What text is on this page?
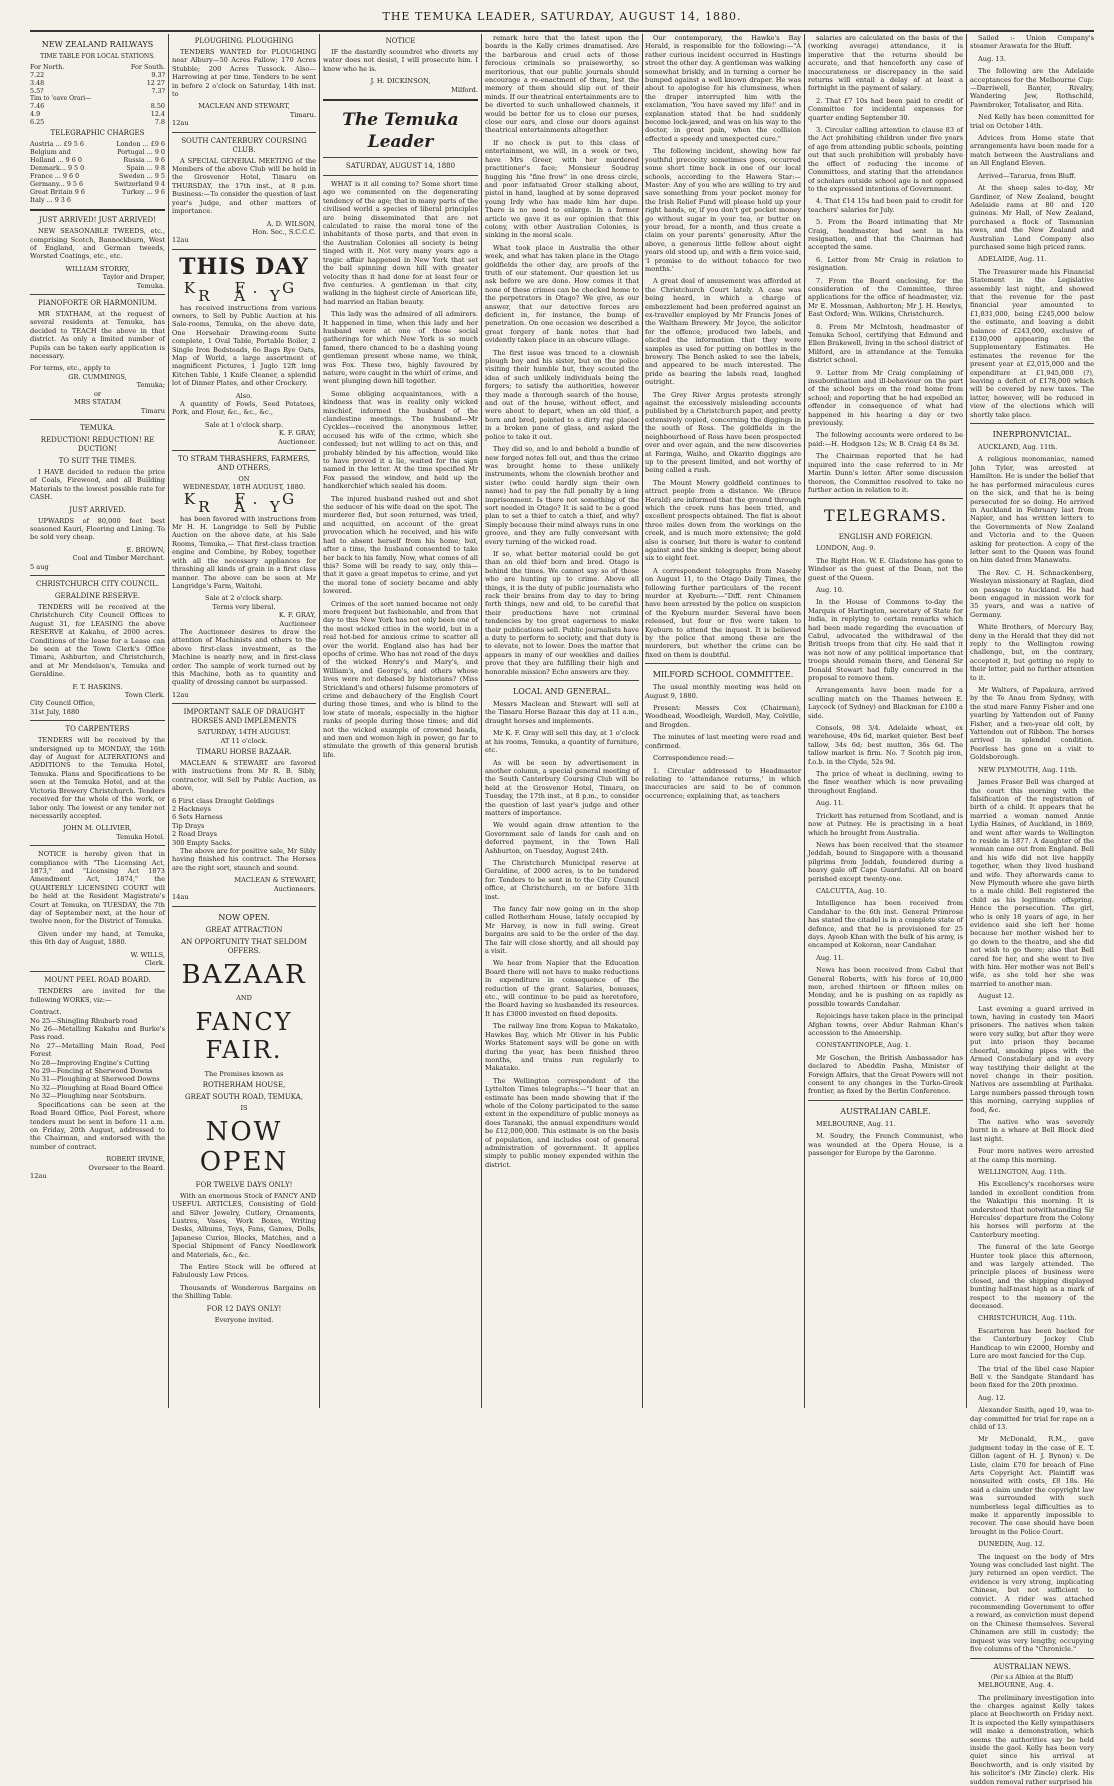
THE TEMUKA LEADER, SATURDAY, AUGUST 14, 1880.
NEW ZEALAND RAILWAYS
TIME TABLE FOR LOCAL STATIONS.
For North.
7.22
3.48
5.5?
For South.
9.3?
12 27
7.3?
Tim to 'eave Orari—
7.46
4.9
6.25
8.50
12.4
7.8
TELEGRAPHIC CHARGES
Austria ... £9 5 6	London ... £9 6
Belgium and	Portugal ... 9 0
Holland ... 9 6 0	Russia ... 9 6
Denmark... 9 5 0	Spain ... 9 8
France ... 9 6 0	Sweden ... 9 5
Germany... 9 5 6	Switzerland 9 4
Great Britain 9 6	Turkey ... 9 6
Italy ... 9 3 6
JUST ARRIVED! JUST ARRIVED!

NEW SEASONABLE TWEEDS, etc., comprising Scotch, Bannockburn, West of England, and German tweeds, Worsted Coatings, etc., etc.

WILLIAM STORRY,
Taylor and Draper,
Temuka.
PIANOFORTE OR HARMONIUM.

MR STATHAM, at the request of several residents at Temuka, has decided to TEACH the above in that district. As only a limited number of Pupils can be taken early application is necessary.

For terms, etc., apply to
GR. CUMMINGS,
Temuka;
or
MRS STATAM
Timaru
TEMUKA.
REDUCTION! REDUCTION! RE DUCTION!
TO SUIT THE TIMES.

I HAVE decided to reduce the price of Coals, Firewood, and all Building Materials to the lowest possible rate for CASH.

JUST ARRIVED.

UPWARDS of 80,000 feet best seasoned Kauri, Flooring and Lining. To be sold very cheap.

E. BROWN,
Coal and Timber Merchant.
5 aug
CHRISTCHURCH CITY COUNCIL.
GERALDINE RESERVE.

TENDERS will be received at the Christchurch City Council Offices to August 31, for LEASING the above RESERVE at Kakahu, of 2000 acres. Conditions of the lease for a Lease can be seen at the Town Clerk's Office Timaru, Ashburton, and Christchurch, and at Mr Mendelson's, Temuka and Geraldine.

F. T. HASKINS.
Town Clerk.
City Council Office,
31st July, 1880
TO CARPENTERS

TENDERS will be received by the undersigned up to MONDAY, the 16th day of August for ALTERATIONS and ADDITIONS to the Temuka Hotel, Temuka. Plans and Specifications to be seen at the Temuka Hotel, and at the Victoria Brewery Christchurch. Tenders received for the whole of the work, or labor only. The lowest or any tender not necessarily accepted.

JOHN M. OLLIVIER,
Temuka Hotel.

NOTICE is hereby given that in compliance with "The Licensing Act, 1873," and "Licensing Act 1873 Amendment Act, 1874," the QUARTERLY LICENSING COURT will be held at the Resident Magistrate's Court at Temuka, on TUESDAY, the 7th day of September next, at the hour of twelve noon, for the District of Temuka.

Given under my hand, at Temuka, this 6th day of August, 1880.

W. WILLS,
Clerk.
MOUNT PEEL ROAD BOARD.

TENDERS are invited for the following WORKS, viz:—

Contract.
No 25—Shingling Rhubarb road
No 26—Metalling Kakahu and Burke's Pass road.
No 27—Metalling Main Road, Peel Forest
No 28—Improving Engine's Cutting
No 29—Fencing at Sherwood Downs
No 31—Ploughing at Sherwood Downs
No 32—Ploughing at Road Board Office
No 32—Ploughing near Scotsburn.

Specifications can be seen at the Road Board Office, Peel Forest, where tenders must be sent in before 11 a.m. on Friday, 20th August, addressed to the Chairman, and endorsed with the number of contract.

ROBERT IRVINE,
Overseer to the Board.
12au
PLOUGHING. PLOUGHING

TENDERS WANTED for PLOUGHING near Albury—50 Acres Fallow; 170 Acres Stubble; 200 Acres Tussock. Also— Harrowing at per time. Tenders to be sent in before 2 o'clock on Saturday, 14th inst. to

MACLEAN AND STEWART,
Timaru.
12au
SOUTH CANTERBURY COURSING CLUB.

A SPECIAL GENERAL MEETING of the Members of the above Club will be held in the Grosvenor Hotel, Timaru on THURSDAY, the 17th inst., at 8 p.m. Business:—To consider the question of last year's Judge, and other matters of importance.

A. D. WILSON,
Hon. Sec., S.C.C.C.
12au
THIS DAY
K. F. G R A Y

has received instructions from various owners, to Sell by Public Auction at his Sale-rooms, Temuka, on the above date, One Horsehair Drawing-room Suite complete, 1 Oval Table, Portable Boiler, 2 Single Iron Bedsteads, 6o Bags Rye Oats, Map of World, a large assortment of magnificent Pictures, 1 Juglo 12ft long Kitchen Table, 1 Knife Cleaner, a splendid lot of Dinner Plates, and other Crockery.

Also.

A quantity of Fowls, Seed Potatoes, Pork, and Flour, &c., &c., &c.,

Sale at 1 o'clock sharp.
K. F. GRAY,
Auctioneer.
TO STRAM THRASHERS, FARMERS, AND OTHERS,
ON
WEDNESDAY, 18TH AUGUST, 1880.
K. F. G R A Y

has been favored with instructions from Mr H. H. Langridge to Sell by Public Auction on the above date, at his Sale Rooms, Temuka,— That first-class traction engine and Combine, by Robey, together with all the necessary appliances for thrashing all kinds of grain in a first class manner. The above can be seen at Mr Langridge's Farm, Waitohi.

Sale at 2 o'clock sharp.
Terms very liberal.
K. F. GRAY,
Auctioneer

The Auctioneer desires to draw the attention of Machinists and others to the above first-class investment, as the Machine is nearly new, and in first-class order. The sample of work turned out by this Machine, both as to quantity and quality of dressing cannot be surpassed.

12au
IMPORTANT SALE OF DRAUGHT HORSES AND IMPLEMENTS
SATURDAY, 14TH AUGUST.
AT 11 o'clock.
TIMARU HORSE BAZAAR.

MACLEAN & STEWART are favored with instructions from Mr R. B. Sibly, contractor, will Sell by Public Auction, as above,

6 First class Draught Geldings
2 Hackneys
6 Sets Harness
Tip Drays
2 Road Drays
300 Empty Sacks.

The above are for positive sale, Mr Sibly having finished his contract. The Horses are the right sort, staunch and sound.

MACLEAN & STEWART,
Auctioneers.
14au
NOW OPEN.
GREAT ATTRACTION
AN OPPORTUNITY THAT SELDOM OFFERS.
BAZAAR
AND
FANCY FAIR.
The Premises known as
ROTHERHAM HOUSE,
GREAT SOUTH ROAD, TEMUKA,
IS
NOW OPEN
FOR TWELVE DAYS ONLY!

With an enormous Stock of FANCY AND USEFUL ARTICLES, Consisting of Gold and Silver Jewelry, Cutlery, Ornaments, Lustres, Vases, Work Boxes, Writing Desks, Albums, Toys, Fans, Games, Dolls, Japanese Curios, Blocks, Matches, and a Special Shipment of Fancy Needlework and Materials, &c., &c.

The Entire Stock will be offered at Fabulously Low Prices.

Thousands of Wonderous Bargains on the Shilling Table.

FOR 12 DAYS ONLY!
Everyone invited.
NOTICE

IF the dastardly scoundrel who diverts my water does not desist, I will prosecute him. I know who he is.

J. H. DICKINSON,
Milford.
The Temuka Leader
SATURDAY, AUGUST 14, 1880

WHAT is it all coming to? Some short time ago we commented on the degenerating tendency of the age; that in many parts of the civilised world a species of liberal principles are being disseminated that are not calculated to raise the moral tone of the inhabitants of those parts, and that even in the Australian Colonies all society is being tinged with it. Not very many years ago a tragic affair happened in New York that set the ball spinning down hill with greater velocity than it had done for at least four or five centuries. A gentleman in that city, walking in the highest circle of American life, had married an Italian beauty.

This lady was the admired of all admirers. It happened in time, when this lady and her husband were at one of those social gatherings for which New York is so much famed, there chanced to be a dashing young gentleman present whose name, we think, was Fox. These two, highly favoured by nature, were caught in the whirl of crime, and went plunging down hill together.

Some obliging acquaintances, with a kindness that was in reality only wicked mischief, informed the husband of the clandestine meetings. The husband—Mr Cyckles—received the anonymous letter, accused his wife of the crime, which she confessed; but not willing to act on this, and probably blinded by his affection, would like to have proved it a lie, waited for the sign named in the letter. At the time specified Mr Fox passed the window, and held up the handkerchief which sealed his doom.

The injured husband rushed out and shot the seducer of his wife dead on the spot. The murderer fled, but soon returned, was tried, and acquitted, on account of the great provocation which he received, and his wife had to absent herself from his home; but, after a time, the husband consented to take her back to his family. Now, what comes of all this? Some will be ready to say, only this—that it gave a great impetus to crime, and yet the moral tone of society became and ably lowered.

Crimes of the sort named became not only more frequent but fashionable, and from that day to this New York has not only been one of the most wicked cities in the world, but in a real hot-bed for anxious crime to scatter all over the world. England also has had her epochs of crime. Who has not read of the days of the wicked Henry's and Mary's, and William's, and George's, and others whose lives were not debased by historians? (Miss Strickland's and others) fulsome promoters of crime and debauchery of the English Court during those times, and who is blind to the low state of morals, especially in the higher ranks of people during those times; and did not the wicked example of crowned heads, and men and women high in power, go far to stimulate the growth of this general brutish life.

remark here that the latest upon the boards is the Kelly crimes dramatised. Are the barbarous and cruel acts of those ferocious criminals so praiseworthy, so meritorious, that our public journals should encourage a re-enactment of them, lest the memory of them should slip out of their minds. If our theatrical entertainments are to be diverted to such unhallowed channels, it would be better for us to close our purses, close our ears, and close our doors against theatrical entertainments altogether.

If no check is put to this class of entertainment, we will, in a week or two, have Mrs Greer, with her murdered practitioner's face; Monsieur Soudray hugging his "fine frow" in one dress circle, and poor infatuated Greer stalking about, pistol in hand, laughed at by some depraved young Irdy who has made him her dupe. There is no need to enlarge. In a former article we gave it as our opinion that this colony, with other Australian Colonies, is sinking in the moral scale.

What took place in Australia the other week, and what has taken place in the Otago goldfields the other day, are proofs of the truth of our statement. Our question let us ask before we are done. How comes it that none of these crimes can be checked home to the perpetrators in Otago? We give, as our answer, that our detective forces are deficient in, for instance, the bump of penetration. On one occasion we described a great forgery of bank notes that had evidently taken place in an obscure village.

The first issue was traced to a clownish plough boy and his sister, but on the police visiting their humble hut, they scouted the idea of such unlikely individuals being the forgers; to satisfy the authorities, however they made a thorough search of the house, and out of the house, without effect, and were about to depart, when an old thief, a born and bred, pointed to a dirty rag placed in a broken pane of glass, and asked the police to take it out.

They did so, and lo and behold a bundle of new forged notes fell out, and thus the crime was brought home to these unlikely instruments, whom the clownish brother and sister (who could hardly sign their own name) had to pay the full penalty by a long imprisonment. Is there not something of the sort needed in Otago? It is said to be a good plan to set a thief to catch a thief, and why? Simply because their mind always runs in one groove, and they are fully conversant with every turning of the wicked road.

If so, what better material could be got than an old thief born and bred. Otago is behind the times. We cannot say so of those who are hunting up to crime. Above all things, it is the duty of public journalists who rack their brains from day to day to bring forth things, new and old, to be careful that their productions have not criminal tendencies by too great eagerness to make their publications sell. Public journalists have a duty to perform to society, and that duty is to elevate, not to lower. Does the matter that appears in many of our weeklies and dailies prove that they are fulfilling their high and honorable mission? Echo answers are they.

LOCAL AND GENERAL.

Messrs Maclean and Stewart will sell at the Timaru Horse Bazaar this day at 11 a.m., draught horses and implements.

Mr K. F. Gray will sell this day, at 1 o'clock at his rooms, Temuka, a quantity of furniture, etc.

As will be seen by advertisement in another column, a special general meeting of the South Canterbury Coursing Club will be held at the Grosvenor Hotel, Timaru, on Tuesday, the 17th inst., at 8 p.m., to consider the question of last year's judge and other matters of importance.

We would again draw attention to the Government sale of lands for cash and on deferred payment, in the Town Hall Ashburton, on Tuesday, August 24th.

The Christchurch Municipal reserve at Geraldine, of 2000 acres, is to be tendered for. Tenders to be sent in to the City Council office, at Christchurch, on or before 31th inst.

The fancy fair now going on in the shop called Rotherham House, lately occupied by Mr Harvey, is now in full swing. Great bargains are said to be the order of the day. The fair will close shortly, and all should pay a visit.

We hear from Napier that the Education Board there will not have to make reductions in expenditure in consequence of the reduction of the grant. Salaries, bonuses, etc., will continue to be paid as heretofore, the Board having so husbanded its resources. It has £3000 invested on fixed deposits.

The railway line from Kopua to Makatako, Hawkes Bay, which Mr Oliver in his Public Works Statement says will be gone on with during the year, has been finished three months, and trains run regularly to Makatako.

The Wellington correspondent of the Lyttelton Times telegraphs:—"I hear that an estimate has been made showing that if the whole of the Colony participated to the same extent in the expenditure of public moneys as does Taranaki, the annual expenditure would be £12,000,000. This estimate is on the basis of population, and includes cost of general administration of government. It applies simply to public money expended within the district.

Our contemporary, the Hawke's Bay Herald, is responsible for the following:—"A rather curious incident occurred in Hastings street the other day. A gentleman was walking somewhat briskly, and in turning a corner he bumped against a well known draper. He was about to apologise for his clumsiness, when the draper interrupted him with the exclamation, 'You have saved my life!' and in explanation stated that he had suddenly become lock-jawed, and was on his way to the doctor, in great pain, when the collision effected a speedy and unexpected cure."

The following incident, showing how far youthful precocity sometimes goes, occurred some short time back in one of our local schools, according to the Hawera Star:—Master: Any of you who are willing to try and save something from your pocket money for the Irish Relief Fund will please hold up your right hands, or, if you don't get pocket money go without sugar in your tea, or butter on your bread, for a month, and thus create a claim on your parents' generosity. After the above, a generous little fellow about eight years old stood up, and with a firm voice said, 'I promise to do without tobacco for two months.'

A great deal of amusement was afforded at the Christchurch Court lately. A case was being heard, in which a charge of embezzlement had been preferred against an ex-traveller employed by Mr Francis Jones of the Waltham Brewery. Mr Joyce, the solicitor for the offence, produced two labels, and elicited the information that they were samples as used for putting on bottles in the brewery. The Bench asked to see the labels, and appeared to be much interested. The pride as bearing the labels read, laughed outright.

The Grey River Argus protests strongly against the excessively misleading accounts published by a Christchurch paper, and pretty extensively copied, concerning the diggings in the south of Ross. The goldfields in the neighbourhood of Ross have been prospected over and over again, and the new discoveries at Faringa, Waiho, and Okarito diggings are up to the present limited, and not worthy of being called a rush.

The Mount Mowry goldfield continues to attract people from a distance. We (Bruce Herald) are informed that the ground through which the creek runs has been tried, and excellent prospects obtained. The flat is about three miles down from the workings on the creek, and is much more extensive; the gold also is coarser, but there is water to contend against and the sinking is deeper, being about six to eight feet.

A correspondent telegraphs from Naseby on August 11, to the Otago Daily Times, the following further particulars of the recent murder at Kyeburn:—"Diff. rent Chinamen have been arrested by the police on suspicion of the Kyeburn murder. Several have been released, but four or five were taken to Kyeburn to attend the inquest. It is believed by the police that among these are the murderers, but whether the crime can be fixed on them is doubtful.

MILFORD SCHOOL COMMITTEE.

The usual monthly meeting was held on August 9, 1880.

Present: Messrs Cox (Chairman), Woodhead, Woodleigh, Wardell, May, Colville, and Brogden.

The minutes of last meeting were read and confirmed.

Correspondence read:—

1. Circular addressed to Headmaster relating to 'attendance returns,' in which inaccuracies are said to be of common occurrence; explaining that, as teachers

salaries are calculated on the basis of the (working average) attendance, it is imperative that the returns should be accurate, and that henceforth any case of inaccurateness or discrepancy in the said returns will entail a delay of at least a fortnight in the payment of salary.

2. That £7 10s had been paid to credit of Committee for incidental expenses for quarter ending September 30.

3. Circular calling attention to clause 83 of the Act prohibiting children under five years of age from attending public schools, pointing out that such prohibition will probably have the effect of reducing the income of Committees, and stating that the attendance of scholars outside school age is not opposed to the expressed intentions of Government.

4. That £14 15s had been paid to credit for teachers' salaries for July.

5. From the Board intimating that Mr Craig, headmaster, had sent in his resignation, and that the Chairman had accepted the same.

6. Letter from Mr Craig in relation to resignation.

7. From the Board enclosing, for the consideration of the Committee, three applications for the office of headmaster, viz. Mr E. Mossman, Ashburton; Mr J. H. Hewlys, East Oxford; Wm. Wilkins, Christchurch.

8. From Mr McIntosh, headmaster of Temuka School, certifying that Edmund and Ellen Brakewell, living in the school district of Milford, are in attendance at the Temuka district school.

9. Letter from Mr Craig complaining of insubordination and ill-behaviour on the part of the school boys on the road home from school; and reporting that he had expelled an offender in consequence of what had happened in his hearing a day or two previously.

The following accounts were ordered to be paid:—H. Hodgson 12s; W. B. Craig £4 8s 3d.

The Chairman reported that he had inquired into the case referred to in Mr Martin Dunn's letter. After some discussion thereon, the Committee resolved to take no further action in relation to it.

TELEGRAMS.
ENGLISH AND FOREIGN.

LONDON, Aug. 9.

The Right Hon. W. E. Gladstone has gone to Windsor as the guest of the Dean, not the guest of the Queen.

Aug. 10.

In the House of Commons to-day the Marquis of Hartington, secretary of State for India, in replying to certain remarks which had been made regarding the evacuation of Cabul, advocated the withdrawal of the British troops from that city. He said that it was not now of any political importance that troops should remain there, and General Sir Donald Stewart had fully concurred in the proposal to remove them.

Arrangements have been made for a sculling match on the Thames between E. Laycock (of Sydney) and Blackman for £100 a side.

Consols, 98 3/4. Adelaide wheat, ex warehouse, 49s 6d, market quieter. Best beef tallow, 34s 6d; best mutton, 36s 6d. The tallow market is firm. No. 7 Scotch pig iron, f.o.b. in the Clyde, 52s 9d.

The price of wheat is declining, owing to the finer weather which is now prevailing throughout England.

Aug. 11.

Trickett has returned from Scotland, and is now at Putney. He is practising in a boat which he brought from Australia.

News has been received that the steamer Jeddah, bound to Singapore with a thousand pilgrims from Jeddah, foundered during a heavy gale off Cape Guardafui. All on board perished except twenty-one.

CALCUTTA, Aug. 10.

Intelligence has been received from Candahar to the 6th inst. General Primrose has stated the citadel is in a complete state of defence, and that he is provisioned for 25 days. Ayoob Khan with the bulk of his army, is encamped at Kokoran, near Candahar.

Aug. 11.

News has been received from Cabul that General Roberts, with his force of 10,000 men, arched thirteen or fifteen miles on Monday, and he is pushing on as rapidly as possible towards Candahar.

Rejoicings have taken place in the principal Afghan towns, over Abdur Rahman Khan's accession to the Ameership.

CONSTANTINOPLE, Aug. 1.

Mr Goschen, the British Ambassador has declared to Abeddin Pasha, Minister of Foreign Affairs, that the Great Powers will not consent to any changes in the Turko-Greek frontier, as fixed by the Berlin Conference.

AUSTRALIAN CABLE.

MELBOURNE, Aug. 11.

M. Soudry, the French Communist, who was wounded at the Opera House, is a passenger for Europe by the Garonne.

Sailed :- Union Company's steamer Arawata for the Bluff.

Aug. 13.

The following are the Adelaide acceptances for the Melbourne Cup:—Darriwell, Banter, Rivalry, Wandering Jew, Rothschild, Pawnbroker, Totalisator, and Rita.

Ned Kelly has been committed for trial on October 14th.

Advices from Home state that arrangements have been made for a match between the Australians and an All England Eleven.

Arrived—Tararua, from Bluff.

At the sheep sales to-day, Mr Gardiner, of New Zealand, bought Adelaide rams at 80 and 120 guineas. Mr Hall, of New Zealand, purchased a flock of Tasmanian ewes, and the New Zealand and Australian Land Company also purchased some high priced rams.

ADELAIDE, Aug. 11.

The Treasurer made his Financial Statement in the Legislative assembly last night, and showed that the revenue for the past financial year amounted to £1,831,000, being £245,000 below the estimate, and leaving a debit balance of £243,000, exclusive of £130,000 appearing on the Supplementary Estimates. He estimates the revenue for the present year at £2,015,000 and the expenditure at £1,945,000 (?), leaving a deficit of £178,000 which will be covered by new taxes. The latter, however, will be reduced in view of the elections which will shortly take place.

INERPRONVICIAL.

AUCKLAND, Aug. 11th.

A religious monomaniac, named John Tyler, was arrested at Hamilton. He is under the belief that he has performed miraculous cures on the sick, and that he is being persecuted for so doing. He arrived in Auckland in February last from Napier, and has written letters to the Governments of New Zealand and Victoria and to the Queen asking for protection. A copy of the letter sent to the Queen was found on him dated from Manawatu.

The Rev. C. H. Schnackenberg, Wesleyan missionary at Raglan, died on passage to Auckland. He had been engaged in mission work for 35 years, and was a native of Germany.

White Brothers, of Mercury Bay, deny in the Herald that they did not reply to the Wellington rowing challenge, but, on the contrary, accepted it, but getting no reply to their letter, paid no further attention to it.

Mr Walters, of Papakura, arrived by the Te Anau from Sydney, with the stud mare Fanny Fisher and one yearling by Yattendon out of Fanny Fisher, and a two-year old colt, by Yattendon out of Ribbon. The horses arrived in splendid condition. Peerless has gone on a visit to Goldsborough.

NEW PLYMOUTH, Aug. 11th.

James Fraser Bell was charged at the court this morning with the falsification of the registration of birth of a child. It appears that he married a woman named Annie Lydia Haines, of Auckland, in 1869, and went after wards to Wellington to reside in 1877. A daughter of the woman came out from England. Bell and his wife did not live happily together, when they lived husband and wife. They afterwards came to New Plymouth where she gave birth to a male child. Bell registered the child as his legitimate offspring. Hence the persecution. The girl, who is only 18 years of age, in her evidence said she left her home because her mother wished her to go down to the theatre, and she did not wish to go there; also that Bell cared for her, and she went to live with him. Her mother was not Bell's wife, as she told her she was married to another man.

August 12.

Last evening a guard arrived in town, having in custody ten Maori prisoners. The natives when taken were very sulky, but after they were put into prison they became cheerful, smoking pipes with the Armed Constabulary and in every way testifying their delight at the novel change in their position. Natives are assembling at Parihaka. Large numbers passed through town this morning, carrying supplies of food, &c.

The native who was severely burnt in a whare at Bell Block died last night.

Four more natives were arrested at the camp this morning.

WELLINGTON, Aug. 11th.

His Excellency's racehorses were landed in excellent condition from the Wakatipu this morning. It is understood that notwithstanding Sir Hercules' departure from the Colony his horses will perform at the Canterbury meeting.

The funeral of the late George Hunter took place this afternoon, and was largely attended. The principle places of business were closed, and the shipping displayed bunting half-mast high as a mark of respect to the memory of the deceased.

CHRISTCHURCH, Aug. 11th.

Escarteron has been backed for the Canterbury Jockey Club Handicap to win £2000, Hornby and Lure are most fancied for the Cup.

The trial of the libel case Napier Bell v. the Sandgate Standard has been fixed for the 20th proximo.

Aug. 12.

Alexander Smith, aged 19, was to-day committed for trial for rape on a child of 13.

Mr McDonald, R.M., gave judgment today in the case of E. T. Gillon (agent of H. J. Bynon) v. De Lisle, claim £70 for breach of Fine Arts Copyright Act. Plaintiff was nonsuited with costs, £8 18s. He said a claim under the copyright law was surrounded with such numberless legal difficulties as to make it apparently impossible to recover. The case should have been brought in the Police Court.

DUNEDIN, Aug. 12.

The inquest on the body of Mrs Young was concluded last night. The jury returned an open verdict. The evidence is very strong, implicating Chinese, but not sufficient to convict. A rider was attached recommending Government to offer a reward, as conviction must depend on the Chinese themselves. Several Chinamen are still in custody; the inquest was very lengthy, occupying five columns of the "Chronicle."

AUSTRALIAN NEWS.
(Per s.s Albion at the Bluff)

MELBOURNE, Aug. 4.

The preliminary investigation into the charges against Kelly takes place at Beechworth on Friday next. It is expected the Kelly sympathisers will make a demonstration, which seems the authorities say be held inside the gaol. Kelly has been very quiet since his arrival at Beechworth, and is only visited by his solicitor's (Mr Zincle) clerk. His sudden removal rather surprised his
